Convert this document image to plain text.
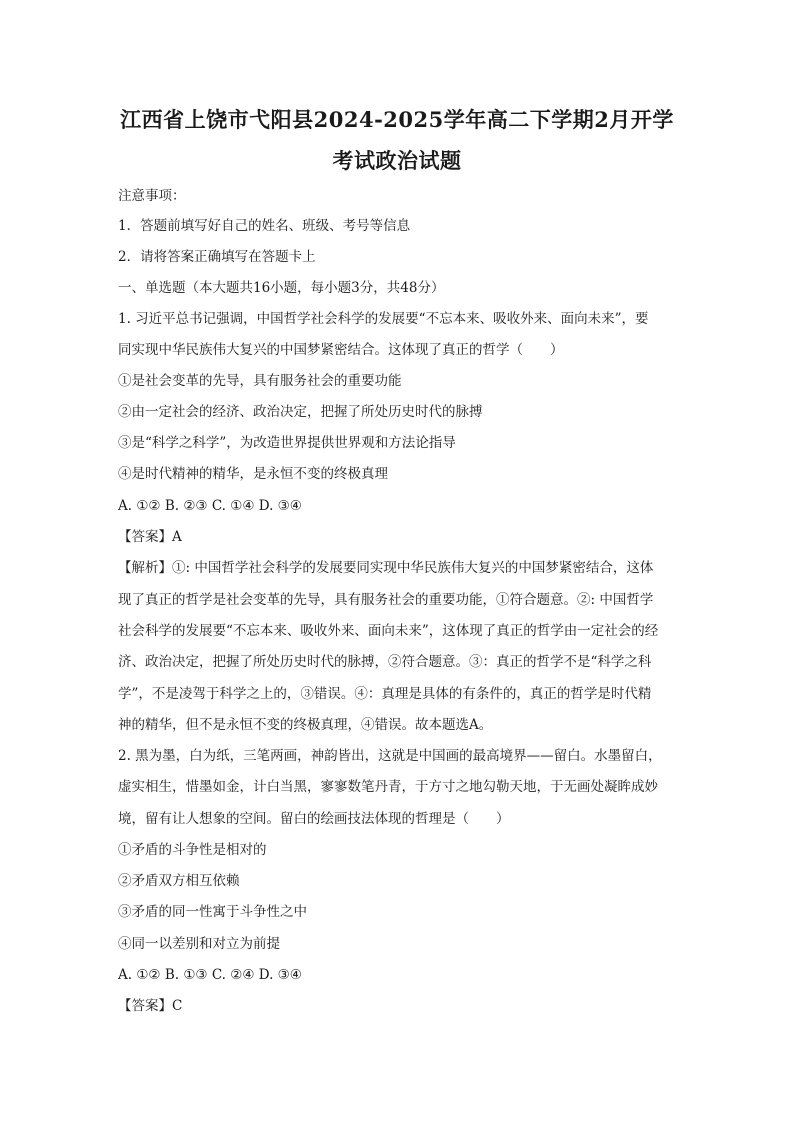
江西省上饶市弋阳县2024-2025学年高二下学期2月开学
考试政治试题
注意事项：
1．答题前填写好自己的姓名、班级、考号等信息
2．请将答案正确填写在答题卡上
一、单选题（本大题共16小题，每小题3分，共48分）
1. 习近平总书记强调，中国哲学社会科学的发展要“不忘本来、吸收外来、面向未来”，要
同实现中华民族伟大复兴的中国梦紧密结合。这体现了真正的哲学（　　）
①是社会变革的先导，具有服务社会的重要功能
②由一定社会的经济、政治决定，把握了所处历史时代的脉搏
③是“科学之科学”，为改造世界提供世界观和方法论指导
④是时代精神的精华，是永恒不变的终极真理
A. ①② B. ②③ C. ①④ D. ③④
【答案】A
【解析】①: 中国哲学社会科学的发展要同实现中华民族伟大复兴的中国梦紧密结合，这体
现了真正的哲学是社会变革的先导，具有服务社会的重要功能，①符合题意。②: 中国哲学
社会科学的发展要“不忘本来、吸收外来、面向未来”，这体现了真正的哲学由一定社会的经
济、政治决定，把握了所处历史时代的脉搏，②符合题意。③：真正的哲学不是“科学之科
学”，不是凌驾于科学之上的，③错误。④：真理是具体的有条件的，真正的哲学是时代精
神的精华，但不是永恒不变的终极真理，④错误。故本题选A。
2. 黑为墨，白为纸，三笔两画，神韵皆出，这就是中国画的最高境界——留白。水墨留白，
虚实相生，惜墨如金，计白当黑，寥寥数笔丹青，于方寸之地勾勒天地，于无画处凝眸成妙
境，留有让人想象的空间。留白的绘画技法体现的哲理是（　　）
①矛盾的斗争性是相对的
②矛盾双方相互依赖
③矛盾的同一性寓于斗争性之中
④同一以差别和对立为前提
A. ①② B. ①③ C. ②④ D. ③④
【答案】C
